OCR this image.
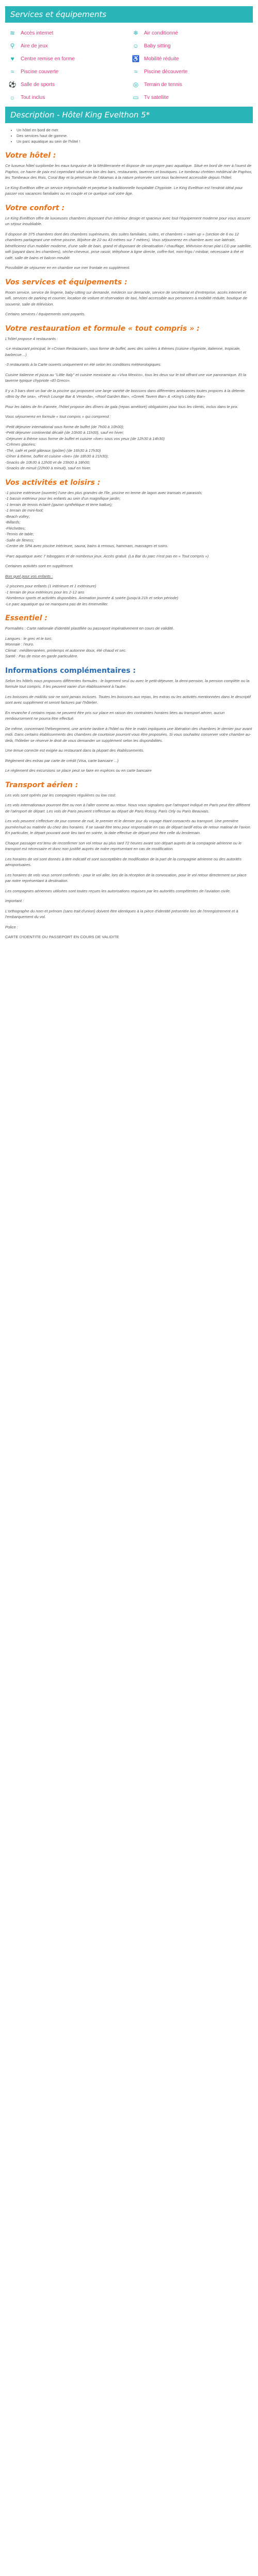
Services et équipements
≋ Accès internet	❄ Air conditionné
⚲	Aire de jeux	☺ Baby sitting
♥	Centre remise en forme	♿ Mobilité réduite
≈	Piscine couverte	≈	Piscine découverte
⚽ Salle de sports	◎ Terrain de tennis
☼ Tout inclus	▭ Tv satellite
Description - Hôtel King Evelthon 5*
• Un hôtel en bord de mer.
• Des services haut de gamme.
• Un parc aquatique au sein de l'hôtel !
Votre hôtel :

Ce luxueux hôtel surplombe les eaux turquoise de la Méditerranée et dispose de son propre parc aquatique. Situé en bord de mer à l'ouest de Paphos, ce havre de paix est cependant situé non loin des bars, restaurants, tavernes et boutiques. Le tombeau chrétien médiéval de Paphos, les Tombeaux des Rois, Coral Bay et la péninsule de l'Akamas à la nature préservée sont tous facilement accessible depuis l'hôtel.

Le King Evelthon offre un service irréprochable et perpétue la traditionnelle hospitalité Chypriote. Le King Evelthon est l'endroit idéal pour passer vos vacances familiales ou en couple et ce quelque soit votre âge.

Votre confort :

Le King Evelthon offre de luxueuses chambres disposant d'un intérieur design et spacieux avec tout l'équipement moderne pour vous assurer un séjour inoubliable.

Il dispose de 375 chambres dont des chambres supérieures, des suites familiales, suites, et chambres « swim up » (section de 6 ou 12 chambres partageant une même piscine, lit/pièce de 22 ou 43 mètres sur 7 mètres). Vous séjournerez en chambre avec vue latérale, bénéficierez d'un mobilier moderne, d'une salle de bain, grand et disposant de climatisation / chauffage, télévision écran plat LCD par satellite, wifi (payant dans les chambres), sèche-cheveux, prise rasoir, téléphone à ligne directe, coffre-fort, mini-frigo / minibar, nécessaire à thé et café, salle de bains et balcon meublé.

Possibilité de séjourner en en chambre vue mer frontale en supplément.

Vos services et équipements :

Room service, service de lingerie, baby-sitting sur demande, médecin sur demande, service de secrétariat et d'entreprise, accès internet et wifi, services de parking et courrier, location de voiture et réservation de taxi, hôtel accessible aux personnes à mobilité réduite, boutique de souvenir, salle de télévision.

Certains services / équipements sont payants.

Votre restauration et formule « tout compris » :

L'hôtel propose 4 restaurants :

-Le restaurant principal, le «Crown Restaurant», sous forme de buffet, avec des soirées à thèmes (cuisine chypriote, italienne, tropicale, barbecue…)

-3 restaurants à la Carte ouverts uniquement en été selon les conditions météorologiques:

Cuisine italienne et pizza au "Little Italy" et cuisine mexicaine au «Viva Mexico», tous les deux sur le toit offrant une vue panoramique. Et la taverne typique chypriote «El Greco».

Il y a 3 bars dont un bar de la piscine qui proposent une large variété de boissons dans différentes ambiances toutes propices à la détente. «Brio by the sea», «Fresh Lounge Bar & Veranda», «Roof Garden Bar», «Greek Tavern Bar» & «King's Lobby Bar»

Pour les tables de fin d'année, l'hôtel propose des dîners de gala (repas amélioré) obligatoires pour tous les clients, inclus dans le prix.

Vous séjournerez en formule « tout compris » qui comprend :

-Petit déjeuner international sous forme de buffet (de 7h00 à 10h00);
-Petit déjeuner continental décalé (de 10h00 à 11h00), sauf en hiver;
-Déjeuner à thème sous forme de buffet et cuisine «live» sous vos yeux (de 12h30 à 14h30)
-Crêmes glacées;
-Thé, café et petit gâteaux (goûter) (de 16h30 à 17h30)
-Dîner à thème, buffet et cuisine «live» (de 18h30 à 21h30);
-Snacks de 10h30 à 12h00 et de 15h00 à 18h00;
-Snacks de minuit (22h00 à minuit), sauf en hiver.
Vos activités et loisirs :
-1 piscine extérieure (ouverte) l'une des plus grandes de l'île, piscine en terme de lagon avec transats et parasols;
-1 bassin extérieur pour les enfants au sein d'un magnifique jardin;
-1 terrain de tennis éclairé (gazon synthétique et terre battue);
-1 terrain de mini-foot;
-Beach volley;
-Billards;
-Fléchettes;
-Tennis de table;
-Salle de fitness;
-Centre de SPA avec piscine intérieure, sauna, bains à remous, hammam, massages et soins.

-Parc aquatique avec 7 toboggans et de nombreux jeux. Accès gratuit. (La Bar du parc n'est pas en « Tout compris »)

Certaines activités sont en supplément.

Bon quel pour vos enfants :

-2 piscines pour enfants (1 intérieure et 1 extérieure)
-1 terrain de jeux extérieurs pour les 2-12 ans
-Nombreux sports et activités disponibles. Animation journée & soirée (jusqu'à 21h et selon période)
-Le parc aquatique qui ne manquera pas de les émerveiller.
Essentiel :

Formalités : Carte nationale d'identité plastifiée ou passeport impérativement en cours de validité.

Langues : le grec et le turc.
Monnaie : l'euro.
Climat : méditerranéen, printemps et automne doux, été chaud et sec.
Santé : Pas de mise en garde particulière.
Informations complémentaires :

Selon les hôtels nous proposons différentes formules : le logement seul ou avec le petit-déjeuner, la demi-pension, la pension complète ou la formule tout compris. Il les peuvent varier d'un établissement à l'autre.

Les boissons de midi/du soir ne sont jamais incluses. Toutes les boissons aux repas, les extras ou les activités mentionnées dans le descriptif sont avec supplément et seront factures par l'hôtelier.

En revanche il certains repas ne peuvent être pris sur place en raison des contraintes horaires liées au transport aérien, aucun remboursement ne pourra être effectué.

De même, concernant l'hébergement, une arrivée tardive à l'hôtel ou être le matin impliquera une libération des chambres le dernier jour avant midi. Dans certains établissements des chambres de courtoisie pourront vous être proposées. Si vous souhaitez conserver votre chambre au-delà, l'hôtelier se réserve le droit de vous demander un supplément selon les disponibilités.

Une tenue correcte est exigée au restaurant dans la plupart des établissements.

Règlement des extras par carte de crédit (Visa, carte bancaire ...)

Le règlement des excursions se place peut se faire en espèces ou en carte bancaire

Transport aérien :

Les vols sont opérés par les compagnies régulières ou low cost.

Les vols internationaux pourront être ou non à l'aller comme au retour. Nous vous signalons que l'aéroport indiqué en Paris peut être différent de l'aéroport de départ. Les vols de Paris peuvent s'effectuer au départ de Paris Roissy, Paris Orly ou Paris Beauvais.

Les vols peuvent s'effectuer de jour comme de nuit, le premier et le dernier jour du voyage étant consacrés au transport. Une première journée/nuit ou matinée du chez des horaires. Il se savait être tenu pour responsable en cas de départ tardif et/ou de retour matinal de l'avion. En particulier, le départ pouvant avoir lieu tard en soirée, la date effective de départ peut être celle du lendemain.

Chaque passager est tenu de reconfirmer son vol retour au plus tard 72 heures avant son départ auprès de la compagnie aérienne ou le transport est nécessaire et donc non justifié auprès de notre représentant en cas de modification.

Les horaires de vol sont donnés à titre indicatif et sont susceptibles de modification de la part de la compagnie aérienne ou des autorités aéroportuaires.

Les horaires de vols vous seront confirmés - pour le vol aller, lors de la réception de la convocation, pour le vol retour directement sur place par notre représentant à destination.

Les compagnies aériennes utilisées sont toutes reçues les autorisations requises par les autorités compétentes de l'aviation civile.

Important :

L'orthographe du nom et prénom (sans trait d'union) doivent être identiques à la pièce d'identité présentée lors de l'enregistrement et à l'embarquement du vol.

Police :

CARTE D'IDENTITE OU PASSEPORT EN COURS DE VALIDITE
